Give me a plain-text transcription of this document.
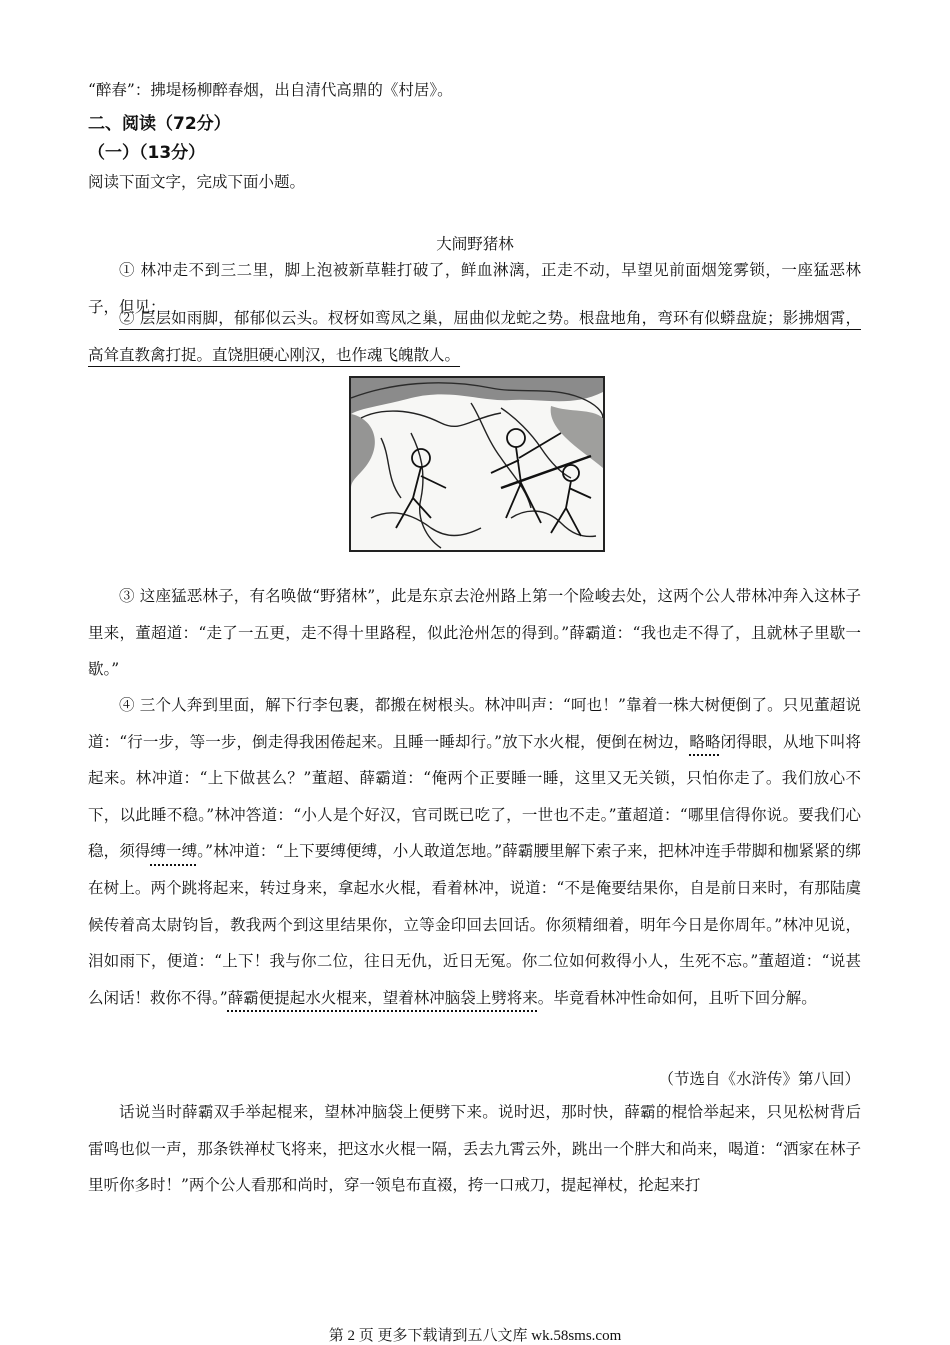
“醉春”：拂堤杨柳醉春烟，出自清代高鼎的《村居》。
二、阅读（72分）
（一）（13分）
阅读下面文字，完成下面小题。
大闹野猪林
① 林冲走不到三二里，脚上泡被新草鞋打破了，鲜血淋漓，正走不动，早望见前面烟笼雾锁，一座猛恶林子，但见：
② 层层如雨脚，郁郁似云头。杈枒如鸾凤之巢，屈曲似龙蛇之势。根盘地角，弯环有似蟒盘旋；影拂烟霄，高耸直教禽打捉。直饶胆硬心刚汉，也作魂飞魄散人。
③ 这座猛恶林子，有名唤做“野猪林”，此是东京去沧州路上第一个险峻去处，这两个公人带林冲奔入这林子里来，董超道：“走了一五更，走不得十里路程，似此沧州怎的得到。”薛霸道：“我也走不得了，且就林子里歇一歇。”
④ 三个人奔到里面，解下行李包裹，都搬在树根头。林冲叫声：“呵也！”靠着一株大树便倒了。只见董超说道：“行一步，等一步，倒走得我困倦起来。且睡一睡却行。”放下水火棍，便倒在树边，略略闭得眼，从地下叫将起来。林冲道：“上下做甚么？”董超、薛霸道：“俺两个正要睡一睡，这里又无关锁，只怕你走了。我们放心不下，以此睡不稳。”林冲答道：“小人是个好汉，官司既已吃了，一世也不走。”董超道：“哪里信得你说。要我们心稳，须得缚一缚。”林冲道：“上下要缚便缚，小人敢道怎地。”薛霸腰里解下索子来，把林冲连手带脚和枷紧紧的绑在树上。两个跳将起来，转过身来，拿起水火棍，看着林冲，说道：“不是俺要结果你，自是前日来时，有那陆虞候传着高太尉钧旨，教我两个到这里结果你，立等金印回去回话。你须精细着，明年今日是你周年。”林冲见说，泪如雨下，便道：“上下！我与你二位，往日无仇，近日无冤。你二位如何救得小人，生死不忘。”董超道：“说甚么闲话！救你不得。”薛霸便提起水火棍来，望着林冲脑袋上劈将来。毕竟看林冲性命如何，且听下回分解。
（节选自《水浒传》第八回）
话说当时薛霸双手举起棍来，望林冲脑袋上便劈下来。说时迟，那时快，薛霸的棍恰举起来，只见松树背后雷鸣也似一声，那条铁禅杖飞将来，把这水火棍一隔，丢去九霄云外，跳出一个胖大和尚来，喝道：“洒家在林子里听你多时！”两个公人看那和尚时，穿一领皂布直裰，挎一口戒刀，提起禅杖，抡起来打
第 2 页 更多下载请到五八文库 wk.58sms.com
